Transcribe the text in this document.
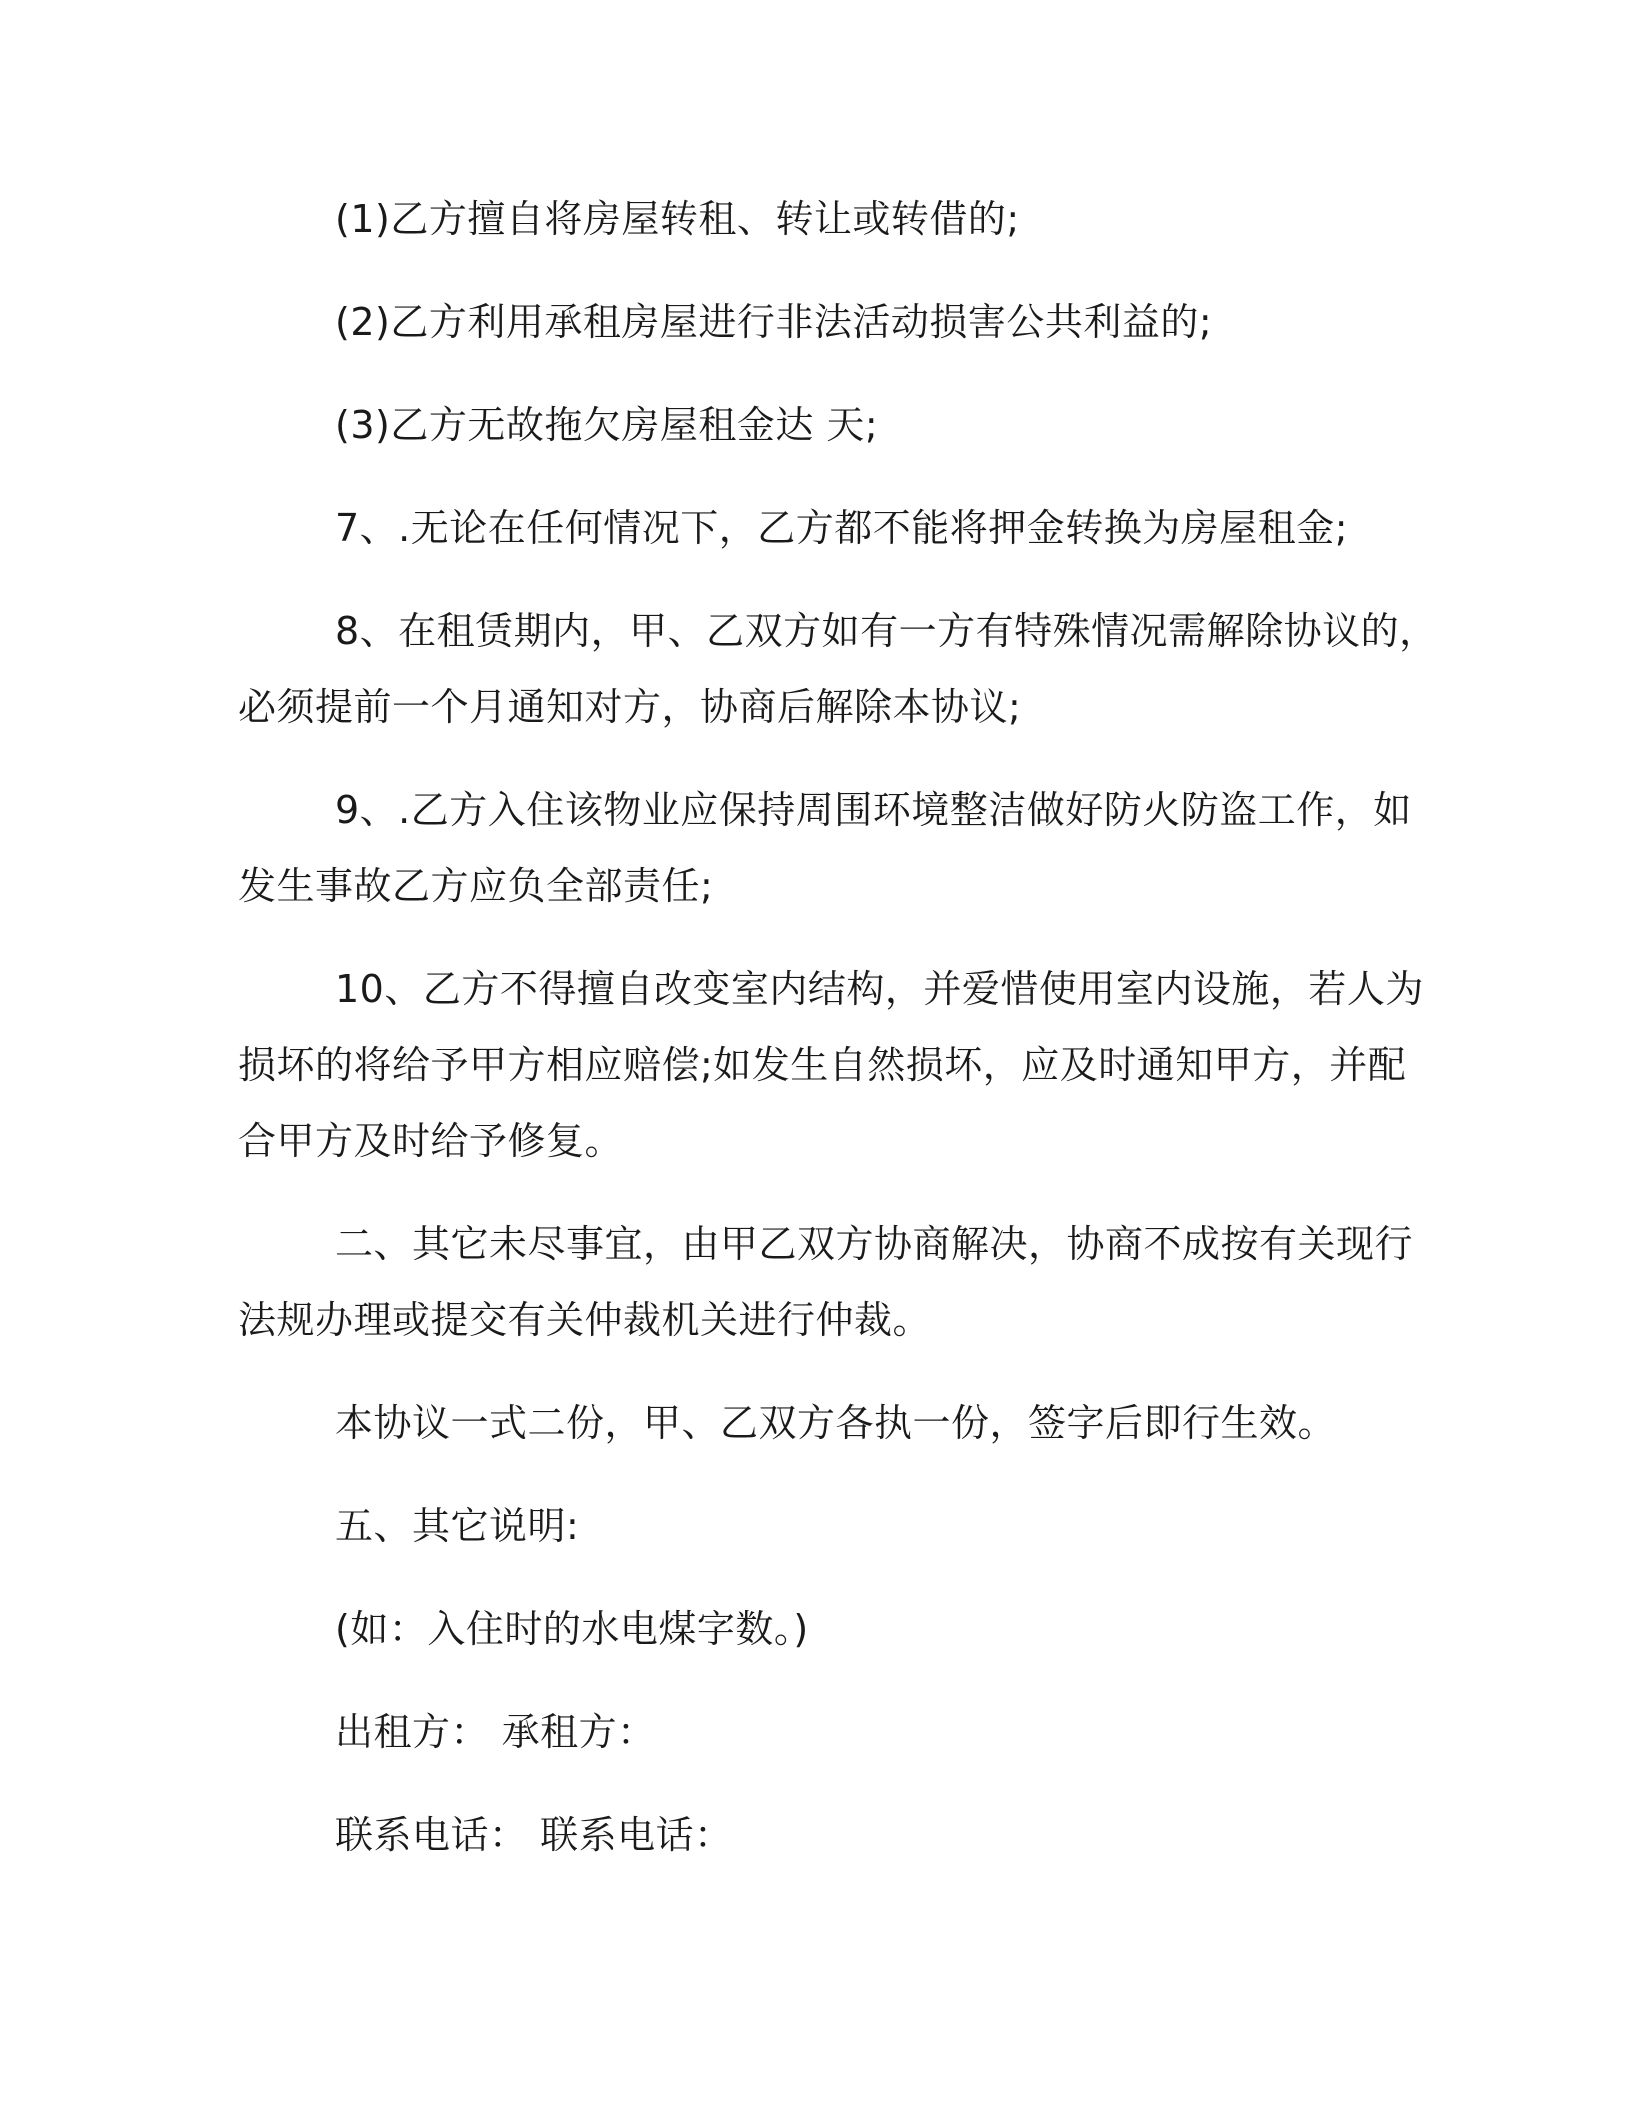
(1)乙方擅自将房屋转租、转让或转借的;

(2)乙方利用承租房屋进行非法活动损害公共利益的;

(3)乙方无故拖欠房屋租金达 天;

7、.无论在任何情况下，乙方都不能将押金转换为房屋租金;

8、在租赁期内，甲、乙双方如有一方有特殊情况需解除协议的，

必须提前一个月通知对方，协商后解除本协议;

9、.乙方入住该物业应保持周围环境整洁做好防火防盗工作，如

发生事故乙方应负全部责任;

10、乙方不得擅自改变室内结构，并爱惜使用室内设施，若人为

损坏的将给予甲方相应赔偿;如发生自然损坏，应及时通知甲方，并配

合甲方及时给予修复。

二、其它未尽事宜，由甲乙双方协商解决，协商不成按有关现行

法规办理或提交有关仲裁机关进行仲裁。

本协议一式二份，甲、乙双方各执一份，签字后即行生效。

五、其它说明:

(如：入住时的水电煤字数。)

出租方： 承租方：

联系电话： 联系电话：
